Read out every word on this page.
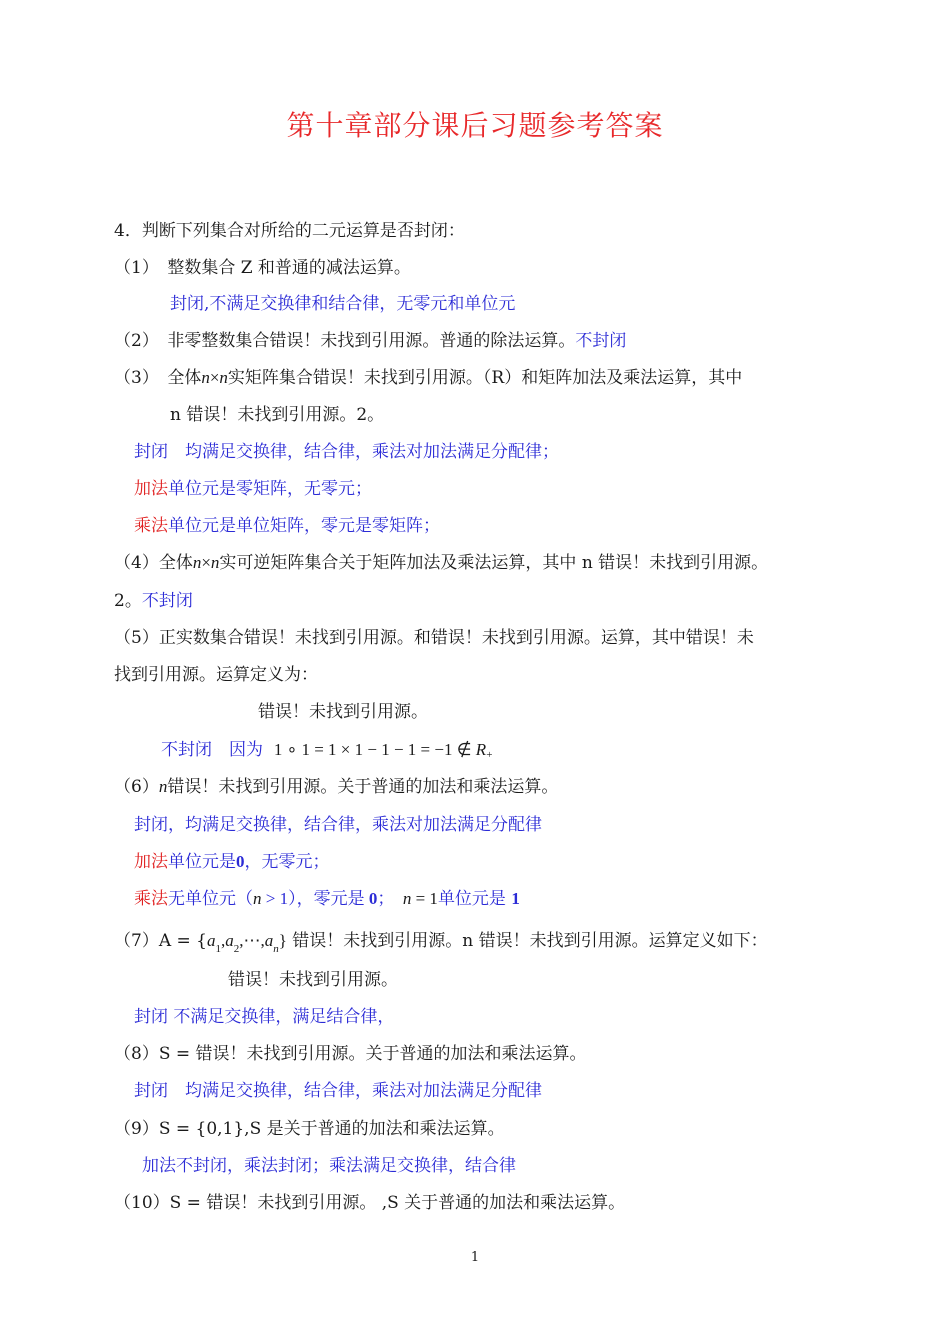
第十章部分课后习题参考答案
4．判断下列集合对所给的二元运算是否封闭：
（1）　整数集合 Z 和普通的减法运算。
封闭,不满足交换律和结合律，无零元和单位元
（2）　非零整数集合错误！未找到引用源。普通的除法运算。不封闭
（3）　全体n×n实矩阵集合错误！未找到引用源。（R）和矩阵加法及乘法运算，其中
n 错误！未找到引用源。2。
封闭　均满足交换律，结合律，乘法对加法满足分配律；
加法单位元是零矩阵，无零元；
乘法单位元是单位矩阵，零元是零矩阵；
（4）全体n×n实可逆矩阵集合关于矩阵加法及乘法运算，其中 n 错误！未找到引用源。
2。不封闭
（5）正实数集合错误！未找到引用源。和错误！未找到引用源。运算，其中错误！未
找到引用源。运算定义为：
错误！未找到引用源。
不封闭　因为 1 ∘ 1 = 1 × 1 − 1 − 1 = −1 ∉ $R_+$
（6）n错误！未找到引用源。关于普通的加法和乘法运算。
封闭，均满足交换律，结合律，乘法对加法满足分配律
加法单位元是0，无零元；
乘法无单位元（n > 1），零元是 0；　n = 1单位元是 1
$(7)A = \{a_1,a_2,\cdots,a_n\}$ 错误！未找到引用源。n 错误！未找到引用源。运算定义如下：
错误！未找到引用源。
封闭 不满足交换律，满足结合律，
（8）S = 错误！未找到引用源。关于普通的加法和乘法运算。
封闭　均满足交换律，结合律，乘法对加法满足分配律
（9）S = {0,1},S 是关于普通的加法和乘法运算。
加法不封闭，乘法封闭；乘法满足交换律，结合律
（10）S = 错误！未找到引用源。 ,S 关于普通的加法和乘法运算。
1
